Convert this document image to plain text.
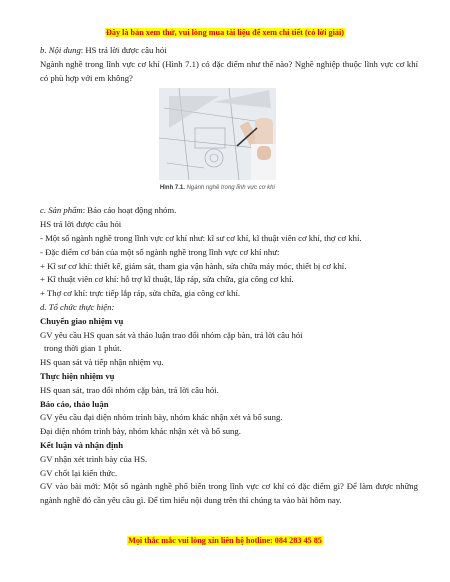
Đây là bản xem thử, vui lòng mua tài liệu để xem chi tiết (có lời giải)
b. Nội dung: HS trả lời được câu hỏi
Ngành nghề trong lĩnh vực cơ khí (Hình 7.1) có đặc điểm như thế nào? Nghề nghiệp thuộc lĩnh vực cơ khí có phù hợp với em không?
Hình 7.1. Ngành nghề trong lĩnh vực cơ khí
c. Sản phẩm: Báo cáo hoạt động nhóm.
HS trả lời được câu hỏi
- Một số ngành nghề trong lĩnh vực cơ khí như: kĩ sư cơ khí, kĩ thuật viên cơ khí, thợ cơ khí.
- Đặc điểm cơ bản của một số ngành nghề trong lĩnh vực cơ khí như:
+ Kĩ sư cơ khí: thiết kế, giám sát, tham gia vận hành, sửa chữa máy móc, thiết bị cơ khí.
+ Kĩ thuật viên cơ khí: hỗ trợ kĩ thuật, lắp ráp, sửa chữa, gia công cơ khí.
+ Thợ cơ khí: trực tiếp lắp ráp, sửa chữa, gia công cơ khí.
d. Tổ chức thực hiện:
Chuyển giao nhiệm vụ
GV yêu cầu HS quan sát và thảo luận trao đổi nhóm cặp bàn, trả lời câu hỏi
trong thời gian 1 phút.
HS quan sát và tiếp nhận nhiệm vụ.
Thực hiện nhiệm vụ
HS quan sát, trao đổi nhóm cặp bàn, trả lời câu hỏi.
Báo cáo, thảo luận
GV yêu cầu đại diện nhóm trình bày, nhóm khác nhận xét và bổ sung.
Đại diện nhóm trình bày, nhóm khác nhận xét và bổ sung.
Kết luận và nhận định
GV nhận xét trình bày của HS.
GV chốt lại kiến thức.
GV vào bài mới: Một số ngành nghề phổ biến trong lĩnh vực cơ khí có đặc điểm gì? Để làm được những ngành nghề đó cần yêu cầu gì. Để tìm hiểu nội dung trên thì chúng ta vào bài hôm nay.
Mọi thắc mắc vui lòng xin liên hệ hotline: 084 283 45 85
